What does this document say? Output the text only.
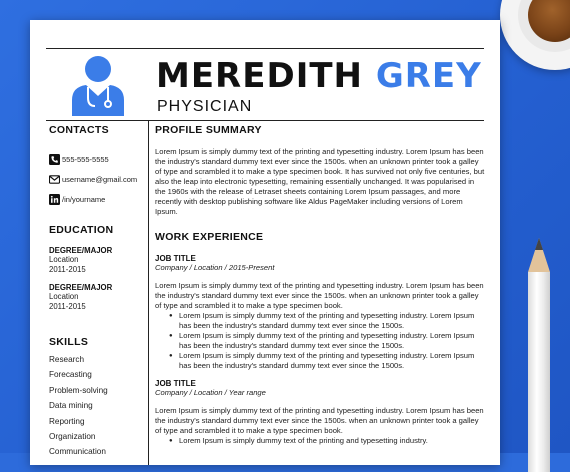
MEREDITH GREY
PHYSICIAN
CONTACTS
555-555-5555
username@gmail.com
/in/yourname
EDUCATION
DEGREE/MAJOR
Location
2011-2015
DEGREE/MAJOR
Location
2011-2015
SKILLS
Research
Forecasting
Problem-solving
Data mining
Reporting
Organization
Communication
PROFILE SUMMARY
Lorem Ipsum is simply dummy text of the printing and typesetting industry. Lorem Ipsum has been the industry's standard dummy text ever since the 1500s. when an unknown printer took a galley of type and scrambled it to make a type specimen book. It has survived not only five centuries, but also the leap into electronic typesetting, remaining essentially unchanged. It was popularised in the 1960s with the release of Letraset sheets containing Lorem Ipsum passages, and more recently with desktop publishing software like Aldus PageMaker including versions of Lorem Ipsum.
WORK EXPERIENCE
JOB TITLE
Company / Location / 2015-Present
Lorem Ipsum is simply dummy text of the printing and typesetting industry. Lorem Ipsum has been the industry's standard dummy text ever since the 1500s. when an unknown printer took a galley of type and scrambled it to make a type specimen book.
● Lorem Ipsum is simply dummy text of the printing and typesetting industry. Lorem Ipsum has been the industry's standard dummy text ever since the 1500s.
● Lorem Ipsum is simply dummy text of the printing and typesetting industry. Lorem Ipsum has been the industry's standard dummy text ever since the 1500s.
● Lorem Ipsum is simply dummy text of the printing and typesetting industry. Lorem Ipsum has been the industry's standard dummy text ever since the 1500s.
JOB TITLE
Company / Location / Year range
Lorem Ipsum is simply dummy text of the printing and typesetting industry. Lorem Ipsum has been the industry's standard dummy text ever since the 1500s. when an unknown printer took a galley of type and scrambled it to make a type specimen book.
● Lorem Ipsum is simply dummy text of the printing and typesetting industry.
